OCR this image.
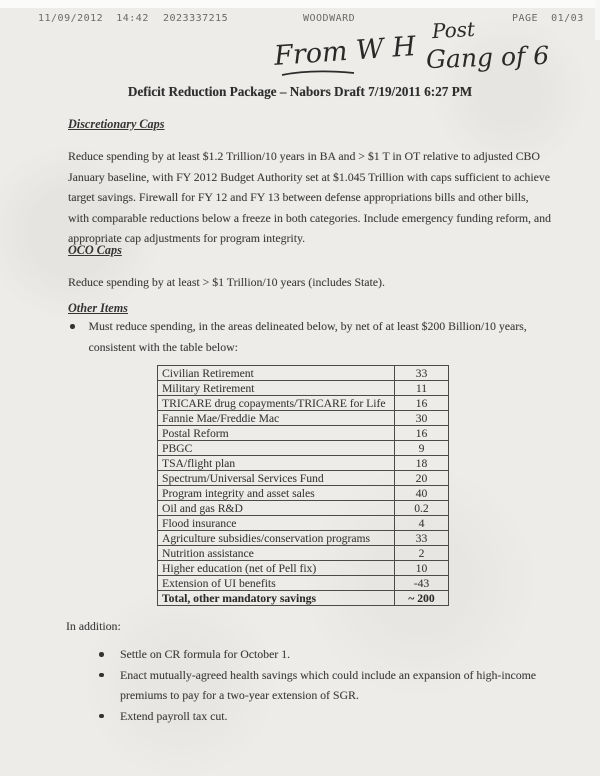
11/09/2012  14:42 2023337215	WOODWARD	PAGE  01/03
From W H
Post
Gang of 6
Deficit Reduction Package – Nabors Draft 7/19/2011 6:27 PM
Discretionary Caps
Reduce spending by at least $1.2 Trillion/10 years in BA and > $1 T in OT relative to adjusted CBO January baseline, with FY 2012 Budget Authority set at $1.045 Trillion with caps sufficient to achieve target savings. Firewall for FY 12 and FY 13 between defense appropriations bills and other bills, with comparable reductions below a freeze in both categories. Include emergency funding reform, and appropriate cap adjustments for program integrity.
OCO Caps
Reduce spending by at least > $1 Trillion/10 years (includes State).
Other Items
Must reduce spending, in the areas delineated below, by net of at least $200 Billion/10 years, consistent with the table below:
Civilian Retirement	33
Military Retirement	11
TRICARE drug copayments/TRICARE for Life	16
Fannie Mae/Freddie Mac	30
Postal Reform	16
PBGC	9
TSA/flight plan	18
Spectrum/Universal Services Fund	20
Program integrity and asset sales	40
Oil and gas R&D	0.2
Flood insurance	4
Agriculture subsidies/conservation programs	33
Nutrition assistance	2
Higher education (net of Pell fix)	10
Extension of UI benefits	-43
Total, other mandatory savings	~ 200
In addition:
Settle on CR formula for October 1.
Enact mutually-agreed health savings which could include an expansion of high-income premiums to pay for a two-year extension of SGR.
Extend payroll tax cut.
